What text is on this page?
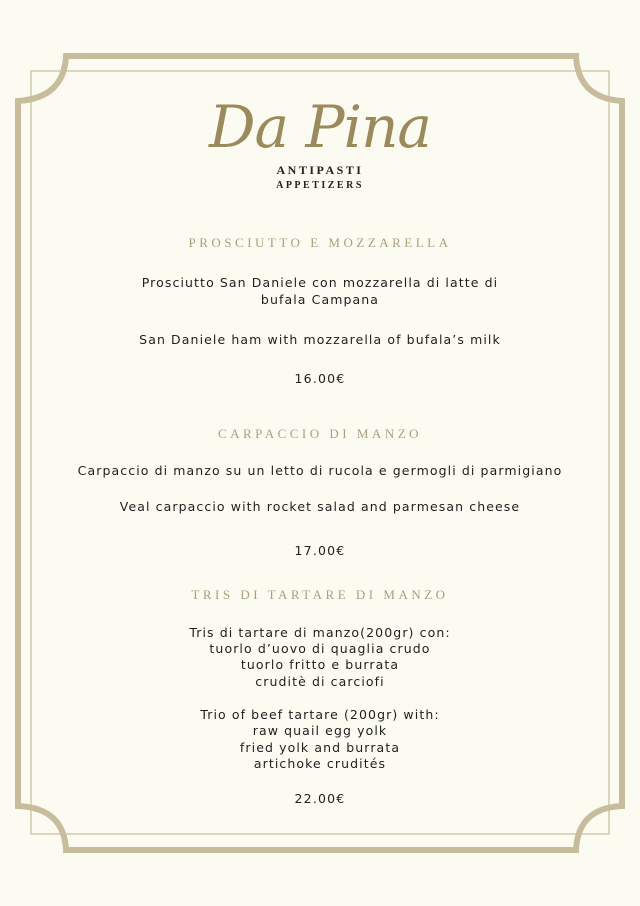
Da Pina
ANTIPASTI
APPETIZERS
PROSCIUTTO E MOZZARELLA
Prosciutto San Daniele con mozzarella di latte di
bufala Campana
San Daniele ham with mozzarella of bufala’s milk
16.00€
CARPACCIO DI MANZO
Carpaccio di manzo su un letto di rucola e germogli di parmigiano
Veal carpaccio with rocket salad and parmesan cheese
17.00€
TRIS DI TARTARE DI MANZO
Tris di tartare di manzo(200gr) con:
tuorlo d’uovo di quaglia crudo
tuorlo fritto e burrata
cruditè di carciofi
Trio of beef tartare (200gr) with:
raw quail egg yolk
fried yolk and burrata
artichoke crudités
22.00€
